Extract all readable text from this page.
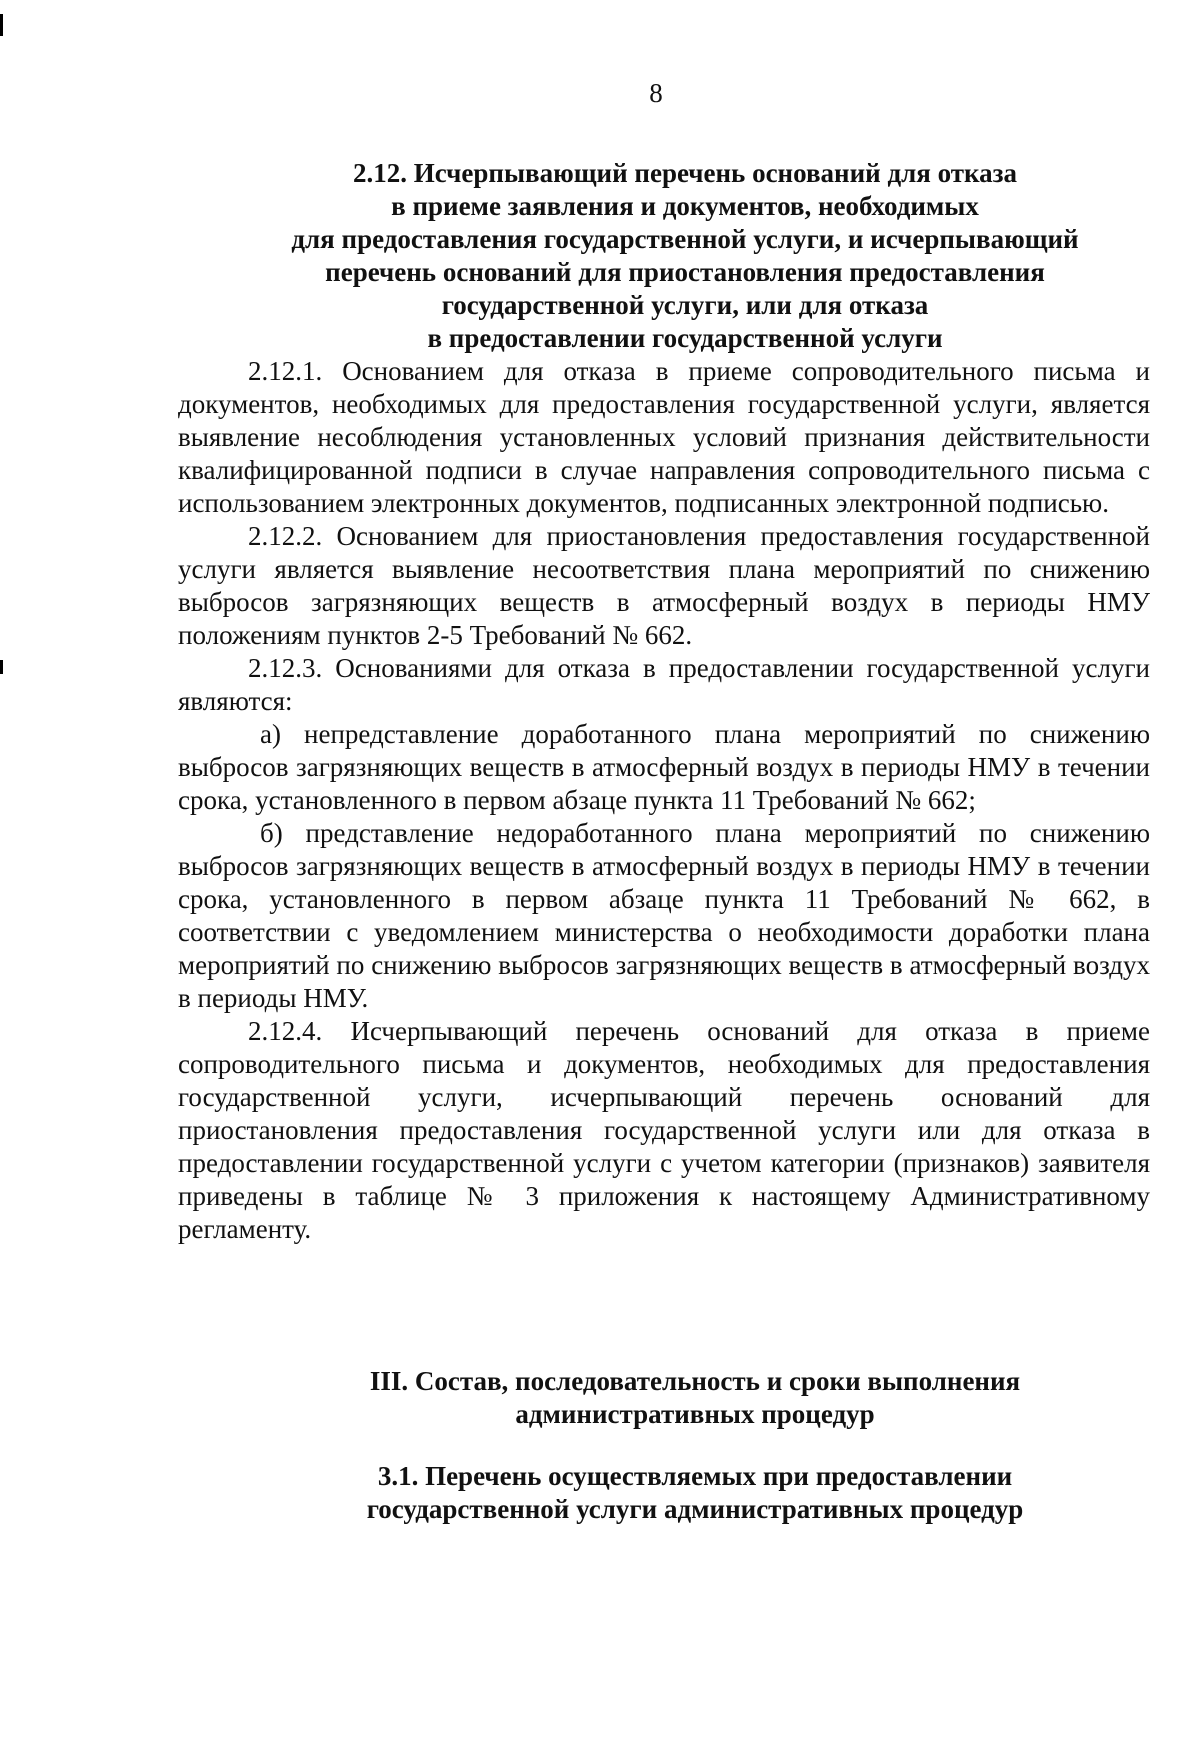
8
2.12. Исчерпывающий перечень оснований для отказа
в приеме заявления и документов, необходимых
для предоставления государственной услуги, и исчерпывающий
перечень оснований для приостановления предоставления
государственной услуги, или для отказа
в предоставлении государственной услуги

2.12.1. Основанием для отказа в приеме сопроводительного письма и документов, необходимых для предоставления государственной услуги, является выявление несоблюдения установленных условий признания действительности квалифицированной подписи в случае направления сопроводительного письма с использованием электронных документов, подписанных электронной подписью.

2.12.2. Основанием для приостановления предоставления государственной услуги является выявление несоответствия плана мероприятий по снижению выбросов загрязняющих веществ в атмосферный воздух в периоды НМУ положениям пунктов 2-5 Требований № 662.

2.12.3. Основаниями для отказа в предоставлении государственной услуги являются:

а) непредставление доработанного плана мероприятий по снижению выбросов загрязняющих веществ в атмосферный воздух в периоды НМУ в течении срока, установленного в первом абзаце пункта 11 Требований № 662;

б) представление недоработанного плана мероприятий по снижению выбросов загрязняющих веществ в атмосферный воздух в периоды НМУ в течении срока, установленного в первом абзаце пункта 11 Требований № 662, в соответствии с уведомлением министерства о необходимости доработки плана мероприятий по снижению выбросов загрязняющих веществ в атмосферный воздух в периоды НМУ.

2.12.4. Исчерпывающий перечень оснований для отказа в приеме сопроводительного письма и документов, необходимых для предоставления государственной услуги, исчерпывающий перечень оснований для приостановления предоставления государственной услуги или для отказа в предоставлении государственной услуги с учетом категории (признаков) заявителя приведены в таблице № 3 приложения к настоящему Административному регламенту.

III. Состав, последовательность и сроки выполнения
административных процедур
3.1. Перечень осуществляемых при предоставлении
государственной услуги административных процедур
